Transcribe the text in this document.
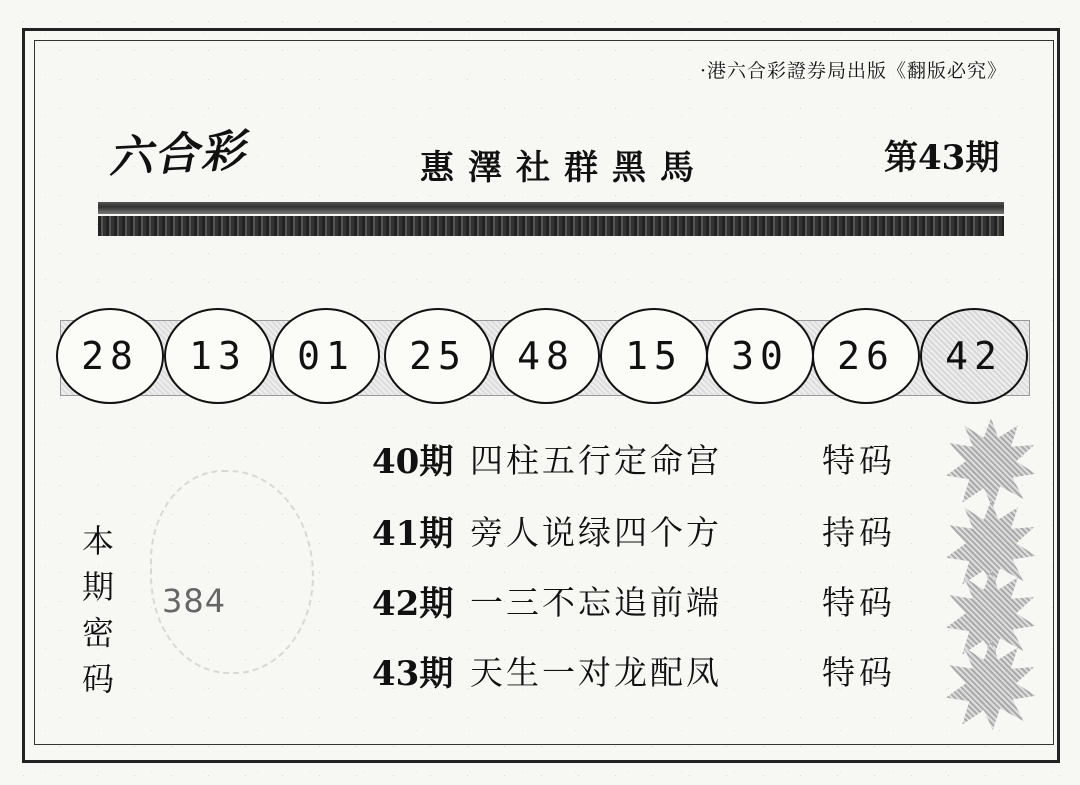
·港六合彩證券局出版《翻版必究》
六合彩	惠澤社群黑馬	第43期
28	13	01	25	48	15	30	26	42
40期 四柱五行定命宫	特码
41期 旁人说绿四个方	持码
42期 一三不忘追前端	特码
43期 天生一对龙配凤	特码
本
期
密
码
384
